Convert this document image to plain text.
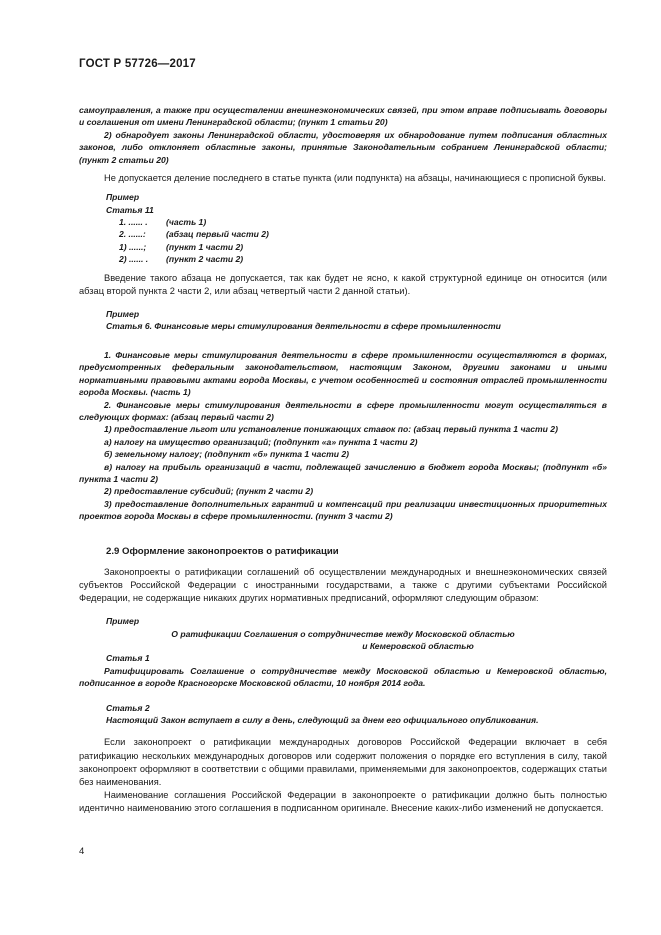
ГОСТ Р 57726—2017

самоуправления, а также при осуществлении внешнеэкономических связей, при этом вправе подписывать договоры и соглашения от имени Ленинградской области; (пункт 1 статьи 20)

2) обнародует законы Ленинградской области, удостоверяя их обнародование путем подписания областных законов, либо отклоняет областные законы, принятые Законодательным собранием Ленинградской области; (пункт 2 статьи 20)

Не допускается деление последнего в статье пункта (или подпункта) на абзацы, начинающиеся с прописной буквы.

Пример

Статья 11

1. ...... .	(часть 1)
2. ......:	(абзац первый части 2)
1) ......;	(пункт 1 части 2)
2) ...... .	(пункт 2 части 2)

Введение такого абзаца не допускается, так как будет не ясно, к какой структурной единице он относится (или абзац второй пункта 2 части 2, или абзац четвертый части 2 данной статьи).

Пример

Статья 6. Финансовые меры стимулирования деятельности в сфере промышленности

1. Финансовые меры стимулирования деятельности в сфере промышленности осуществляются в формах, предусмотренных федеральным законодательством, настоящим Законом, другими законами и иными нормативными правовыми актами города Москвы, с учетом особенностей и состояния отраслей промышленности города Москвы. (часть 1)

2. Финансовые меры стимулирования деятельности в сфере промышленности могут осуществляться в следующих формах: (абзац первый части 2)

1) предоставление льгот или установление понижающих ставок по: (абзац первый пункта 1 части 2)

а) налогу на имущество организаций; (подпункт «а» пункта 1 части 2)

б) земельному налогу; (подпункт «б» пункта 1 части 2)

в) налогу на прибыль организаций в части, подлежащей зачислению в бюджет города Москвы; (подпункт «б» пункта 1 части 2)

2) предоставление субсидий; (пункт 2 части 2)

3) предоставление дополнительных гарантий и компенсаций при реализации инвестиционных приоритетных проектов города Москвы в сфере промышленности. (пункт 3 части 2)

2.9 Оформление законопроектов о ратификации

Законопроекты о ратификации соглашений об осуществлении международных и внешнеэкономических связей субъектов Российской Федерации с иностранными государствами, а также с другими субъектами Российской Федерации, не содержащие никаких других нормативных предписаний, оформляют следующим образом:

Пример

О ратификации Соглашения о сотрудничестве между Московской областью

и Кемеровской областью

Статья 1

Ратифицировать Соглашение о сотрудничестве между Московской областью и Кемеровской областью, подписанное в городе Красногорске Московской области, 10 ноября 2014 года.

Статья 2

Настоящий Закон вступает в силу в день, следующий за днем его официального опубликования.

Если законопроект о ратификации международных договоров Российской Федерации включает в себя ратификацию нескольких международных договоров или содержит положения о порядке его вступления в силу, такой законопроект оформляют в соответствии с общими правилами, применяемыми для законопроектов, содержащих статьи без наименования.

Наименование соглашения Российской Федерации в законопроекте о ратификации должно быть полностью идентично наименованию этого соглашения в подписанном оригинале. Внесение каких-либо изменений не допускается.

4
